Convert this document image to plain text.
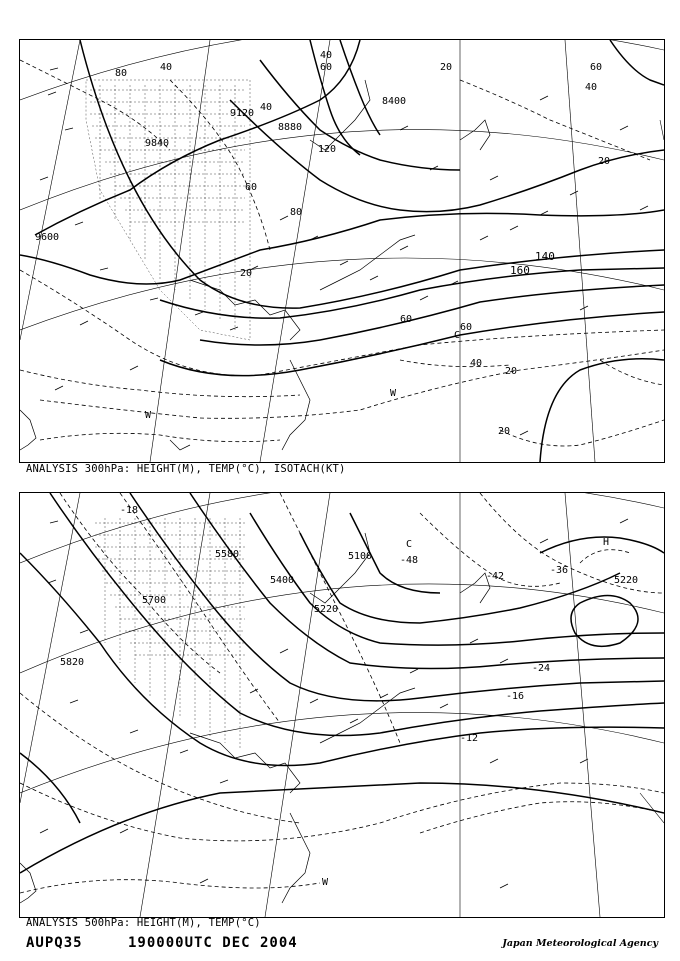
9600
9840
9120
8880
8400
80
40
60
80
60
40
20
120
60
140
160
60
40
40
20
60
20
20
40
20
C
W
W
ANALYSIS 300hPa: HEIGHT(M), TEMP(°C), ISOTACH(KT)
5820
5700
5580
5400
5100
5220
5220
-18
-48
-42
-36
-24
-16
-12
C	H
W
ANALYSIS 500hPa: HEIGHT(M), TEMP(°C)
AUPQ35	190000UTC DEC 2004	Japan Meteorological Agency
